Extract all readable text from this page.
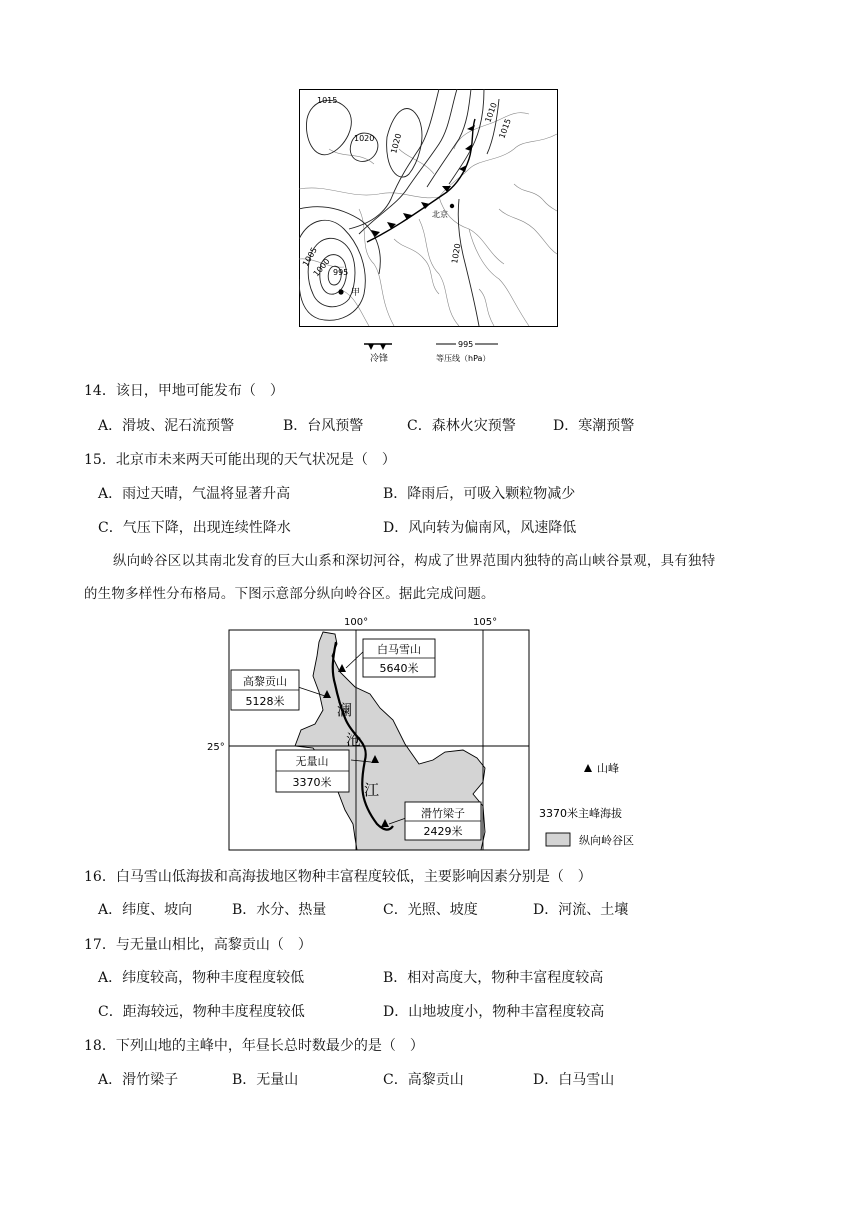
北京
甲
1015
1020 1020
1010
1015
1005
1000 995
1020
冷锋
995
等压线（hPa）
14．该日，甲地可能发布（　）
A．滑坡、泥石流预警	B．台风预警	C．森林火灾预警	D．寒潮预警
15．北京市未来两天可能出现的天气状况是（　）
A．雨过天晴，气温将显著升高	B．降雨后，可吸入颗粒物减少
C．气压下降，出现连续性降水	D．风向转为偏南风，风速降低
纵向岭谷区以其南北发育的巨大山系和深切河谷，构成了世界范围内独特的高山峡谷景观，具有独特
的生物多样性分布格局。下图示意部分纵向岭谷区。据此完成问题。
白马雪山
5640米
高黎贡山
5128米
无量山
3370米
滑竹梁子
2429米
澜
沧
江
100°	105°
25°
山峰
3370米 主峰海拔
纵向岭谷区
16．白马雪山低海拔和高海拔地区物种丰富程度较低，主要影响因素分别是（　）
A．纬度、坡向	B．水分、热量	C．光照、坡度	D．河流、土壤
17．与无量山相比，高黎贡山（　）
A．纬度较高，物种丰度程度较低	B．相对高度大，物种丰富程度较高
C．距海较远，物种丰度程度较低	D．山地坡度小，物种丰富程度较高
18．下列山地的主峰中，年昼长总时数最少的是（　）
A．滑竹梁子	B．无量山	C．高黎贡山	D．白马雪山
